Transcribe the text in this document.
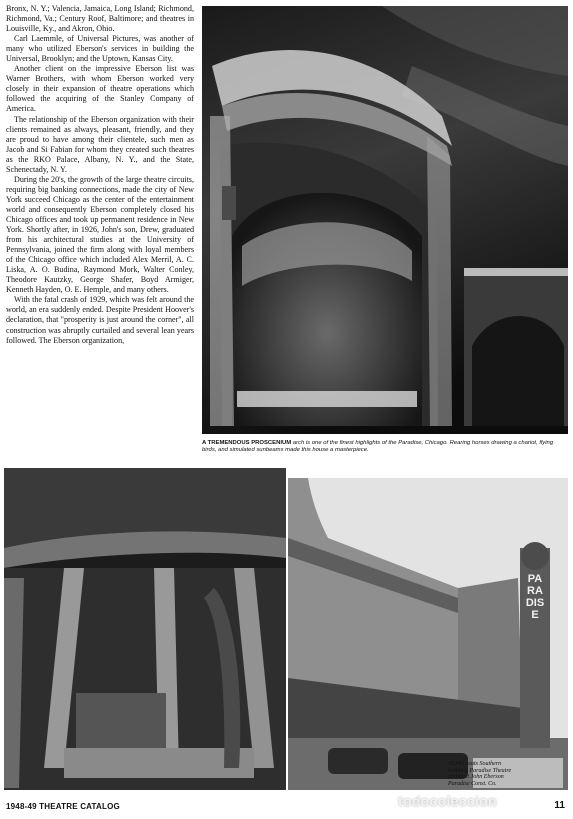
Bronx, N. Y.; Valencia, Jamaica, Long Island; Richmond, Richmond, Va.; Century Roof, Baltimore; and theatres in Louisville, Ky., and Akron, Ohio.

Carl Laemmle, of Universal Pictures, was another of many who utilized Eberson's services in building the Universal, Brooklyn; and the Uptown, Kansas City.

Another client on the impressive Eberson list was Warner Brothers, with whom Eberson worked very closely in their expansion of theatre operations which followed the acquiring of the Stanley Company of America.

The relationship of the Eberson organization with their clients remained as always, pleasant, friendly, and they are proud to have among their clientele, such men as Jacob and Si Fabian for whom they created such theatres as the RKO Palace, Albany, N. Y., and the State, Schenectady, N. Y.

During the 20's, the growth of the large theatre circuits, requiring big banking connections, made the city of New York succeed Chicago as the center of the entertainment world and consequently Eberson completely closed his Chicago offices and took up permanent residence in New York. Shortly after, in 1926, John's son, Drew, graduated from his architectural studies at the University of Pennsylvania, joined the firm along with loyal members of the Chicago office which included Alex Merril, A. C. Liska, A. O. Budina, Raymond Mork, Walter Conley, Theodore Kautzky, George Shafer, Boyd Armiger, Kenneth Hayden, O. E. Hemple, and many others.

With the fatal crash of 1929, which was felt around the world, an era suddenly ended. Despite President Hoover's declaration, that "prosperity is just around the corner", all construction was abruptly curtailed and several lean years followed. The Eberson organization,

A TREMENDOUS PROSCENIUM arch is one of the finest highlights of the Paradise, Chicago. Rearing horses drawing a chariot, flying birds, and simulated sunbeams made this house a masterpiece.
PARADISE
10,941 seats Southern
building Paradise Theatre
architect John Eberson
Paradise Const. Co.
1948-49 THEATRE CATALOG	todocoleccion	11
